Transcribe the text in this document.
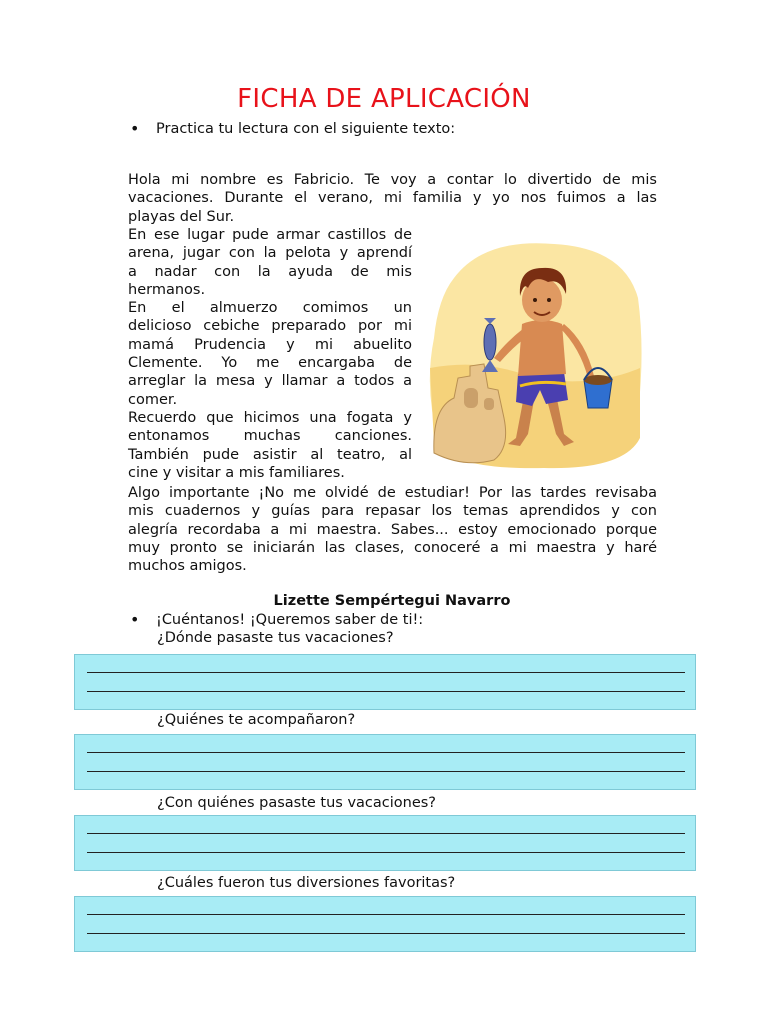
FICHA DE APLICACIÓN
• Practica tu lectura con el siguiente texto:
Hola mi nombre es Fabricio. Te voy a contar lo divertido de mis
vacaciones. Durante el verano, mi familia y yo nos fuimos a las
playas del Sur.
En ese lugar pude armar castillos de
arena, jugar con la pelota y aprendí
a nadar con la ayuda de mis
hermanos.
En el almuerzo comimos un
delicioso cebiche preparado por mi
mamá Prudencia y mi abuelito
Clemente. Yo me encargaba de
arreglar la mesa y llamar a todos a
comer.
Recuerdo que hicimos una fogata y
entonamos muchas canciones.
También pude asistir al teatro, al
cine y visitar a mis familiares.
Algo importante ¡No me olvidé de estudiar! Por las tardes revisaba
mis cuadernos y guías para repasar los temas aprendidos y con
alegría recordaba a mi maestra. Sabes... estoy emocionado porque
muy pronto se iniciarán las clases, conoceré a mi maestra y haré
muchos amigos.
Lizette Sempértegui Navarro
• ¡Cuéntanos! ¡Queremos saber de ti!:
¿Dónde pasaste tus vacaciones?
¿Quiénes te acompañaron?
¿Con quiénes pasaste tus vacaciones?
¿Cuáles fueron tus diversiones favoritas?
